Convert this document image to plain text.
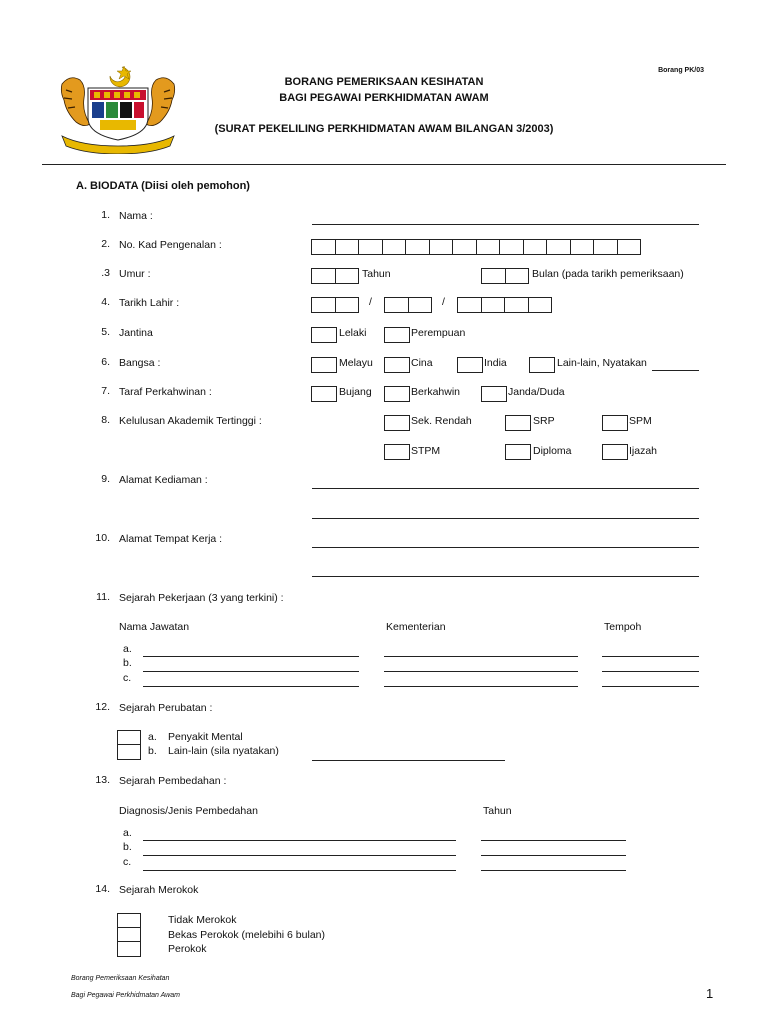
Borang PK/03
BORANG PEMERIKSAAN KESIHATAN
BAGI PEGAWAI PERKHIDMATAN AWAM
(SURAT PEKELILING PERKHIDMATAN AWAM BILANGAN 3/2003)
A. BIODATA (Diisi oleh pemohon)
1. Nama :
2. No. Kad Pengenalan :
.3 Umur :	Tahun	Bulan (pada tarikh pemeriksaan)
4. Tarikh Lahir :	/	/
5. Jantina	Lelaki	Perempuan
6. Bangsa :	Melayu	Cina	India	Lain-lain, Nyatakan
7. Taraf Perkahwinan :	Bujang	Berkahwin	Janda/Duda
8. Kelulusan Akademik Tertinggi :	Sek. Rendah	SRP	SPM
STPM	Diploma	Ijazah
9. Alamat Kediaman :
10. Alamat Tempat Kerja :
11. Sejarah Pekerjaan (3 yang terkini) :
Nama Jawatan	Kementerian	Tempoh
a.
b.
c.
12. Sejarah Perubatan :
a. Penyakit Mental
b. Lain-lain (sila nyatakan)
13. Sejarah Pembedahan :
Diagnosis/Jenis Pembedahan	Tahun
a.
b.
c.
14. Sejarah Merokok
Tidak Merokok
Bekas Perokok (melebihi 6 bulan)
Perokok
Borang Pemeriksaan Kesihatan
Bagi Pegawai Perkhidmatan Awam	1
